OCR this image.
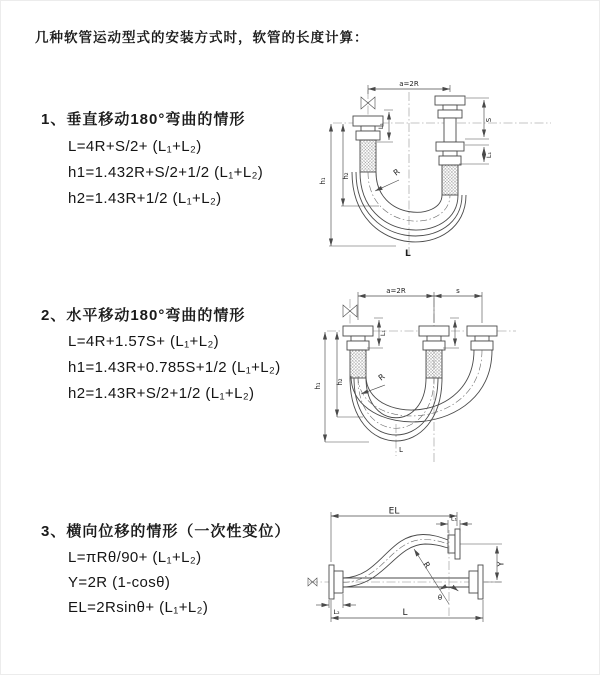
几种软管运动型式的安装方式时，软管的长度计算：
1、垂直移动180°弯曲的情形
L=4R+S/2+ (L₁+L₂)
h1=1.432R+S/2+1/2 (L₁+L₂)
h2=1.43R+1/2 (L₁+L₂)
a=2R
L₁
S
L₁
h₁
h₂	R
L
2、水平移动180°弯曲的情形
L=4R+1.57S+ (L₁+L₂)
h1=1.43R+0.785S+1/2 (L₁+L₂)
h2=1.43R+S/2+1/2 (L₁+L₂)
a=2R	s
h₁
h₂
L₁
R
L
3、横向位移的情形（一次性变位）
L=πRθ/90+ (L₁+L₂)
Y=2R (1-cosθ)
EL=2Rsinθ+ (L₁+L₂)
EL
L₁
Y
θ
R
L
L₂
